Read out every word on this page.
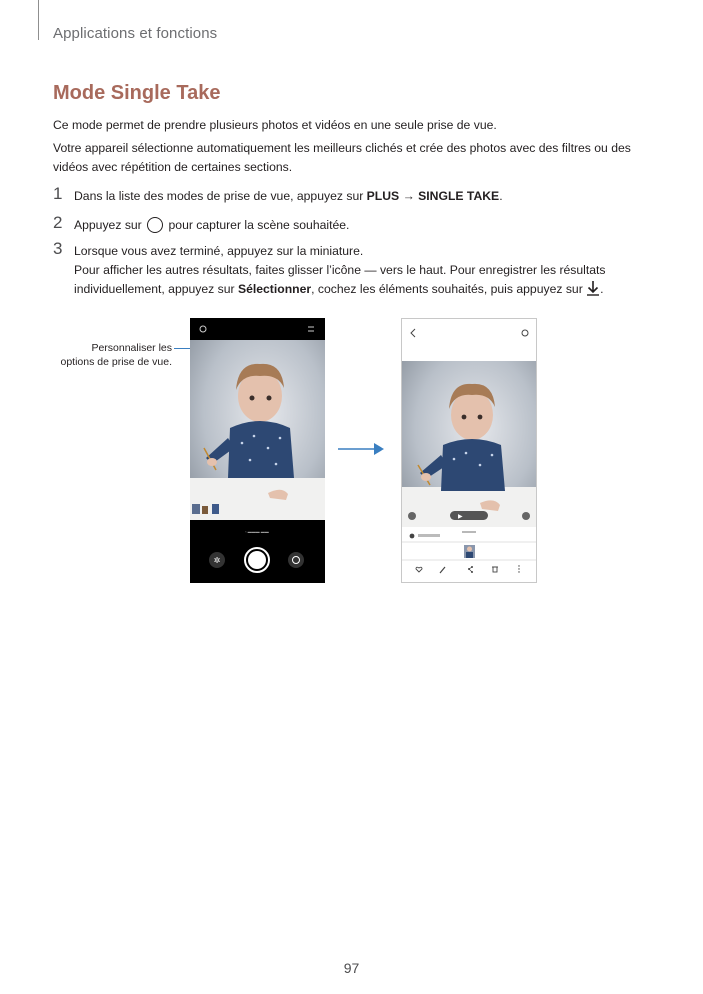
Applications et fonctions
Mode Single Take

Ce mode permet de prendre plusieurs photos et vidéos en une seule prise de vue.

Votre appareil sélectionne automatiquement les meilleurs clichés et crée des photos avec des filtres ou des vidéos avec répétition de certaines sections.

1 Dans la liste des modes de prise de vue, appuyez sur PLUS → SINGLE TAKE.
2 Appuyez sur  pour capturer la scène souhaitée.
3 Lorsque vous avez terminé, appuyez sur la miniature.
Pour afficher les autres résultats, faites glisser l’icône — vers le haut. Pour enregistrer les résultats individuellement, appuyez sur Sélectionner, cochez les éléments souhaités, puis appuyez sur .
Personnaliser les options de prise de vue.
‹ ▬▬▬ ▬▬
✲
▶
97
